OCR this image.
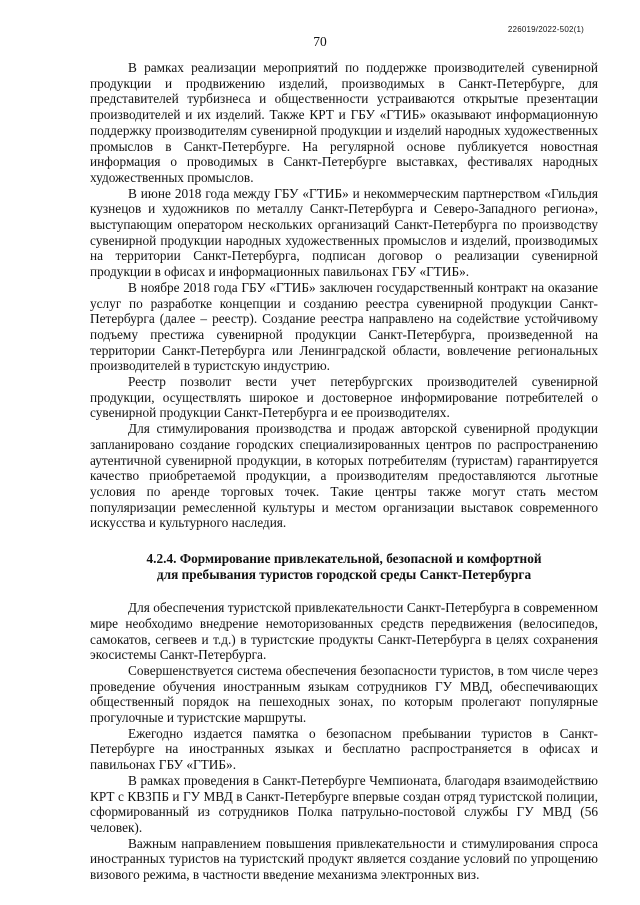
226019/2022-502(1)
70

В рамках реализации мероприятий по поддержке производителей сувенирной продукции и продвижению изделий, производимых в Санкт-Петербурге, для представителей турбизнеса и общественности устраиваются открытые презентации производителей и их изделий. Также КРТ и ГБУ «ГТИБ» оказывают информационную поддержку производителям сувенирной продукции и изделий народных художественных промыслов в Санкт-Петербурге. На регулярной основе публикуется новостная информация о проводимых в Санкт-Петербурге выставках, фестивалях народных художественных промыслов.

В июне 2018 года между ГБУ «ГТИБ» и некоммерческим партнерством «Гильдия кузнецов и художников по металлу Санкт-Петербурга и Северо-Западного региона», выступающим оператором нескольких организаций Санкт-Петербурга по производству сувенирной продукции народных художественных промыслов и изделий, производимых на территории Санкт-Петербурга, подписан договор о реализации сувенирной продукции в офисах и информационных павильонах ГБУ «ГТИБ».

В ноябре 2018 года ГБУ «ГТИБ» заключен государственный контракт на оказание услуг по разработке концепции и созданию реестра сувенирной продукции Санкт-Петербурга (далее – реестр). Создание реестра направлено на содействие устойчивому подъему престижа сувенирной продукции Санкт-Петербурга, произведенной на территории Санкт-Петербурга или Ленинградской области, вовлечение региональных производителей в туристскую индустрию.

Реестр позволит вести учет петербургских производителей сувенирной продукции, осуществлять широкое и достоверное информирование потребителей о сувенирной продукции Санкт-Петербурга и ее производителях.

Для стимулирования производства и продаж авторской сувенирной продукции запланировано создание городских специализированных центров по распространению аутентичной сувенирной продукции, в которых потребителям (туристам) гарантируется качество приобретаемой продукции, а производителям предоставляются льготные условия по аренде торговых точек. Такие центры также могут стать местом популяризации ремесленной культуры и местом организации выставок современного искусства и культурного наследия.

4.2.4. Формирование привлекательной, безопасной и комфортной
для пребывания туристов городской среды Санкт-Петербурга

Для обеспечения туристской привлекательности Санкт-Петербурга в современном мире необходимо внедрение немоторизованных средств передвижения (велосипедов, самокатов, сегвеев и т.д.) в туристские продукты Санкт-Петербурга в целях сохранения экосистемы Санкт-Петербурга.

Совершенствуется система обеспечения безопасности туристов, в том числе через проведение обучения иностранным языкам сотрудников ГУ МВД, обеспечивающих общественный порядок на пешеходных зонах, по которым пролегают популярные прогулочные и туристские маршруты.

Ежегодно издается памятка о безопасном пребывании туристов в Санкт-Петербурге на иностранных языках и бесплатно распространяется в офисах и павильонах ГБУ «ГТИБ».

В рамках проведения в Санкт-Петербурге Чемпионата, благодаря взаимодействию КРТ с КВЗПБ и ГУ МВД в Санкт-Петербурге впервые создан отряд туристской полиции, сформированный из сотрудников Полка патрульно-постовой службы ГУ МВД (56 человек).

Важным направлением повышения привлекательности и стимулирования спроса иностранных туристов на туристский продукт является создание условий по упрощению визового режима, в частности введение механизма электронных виз.
